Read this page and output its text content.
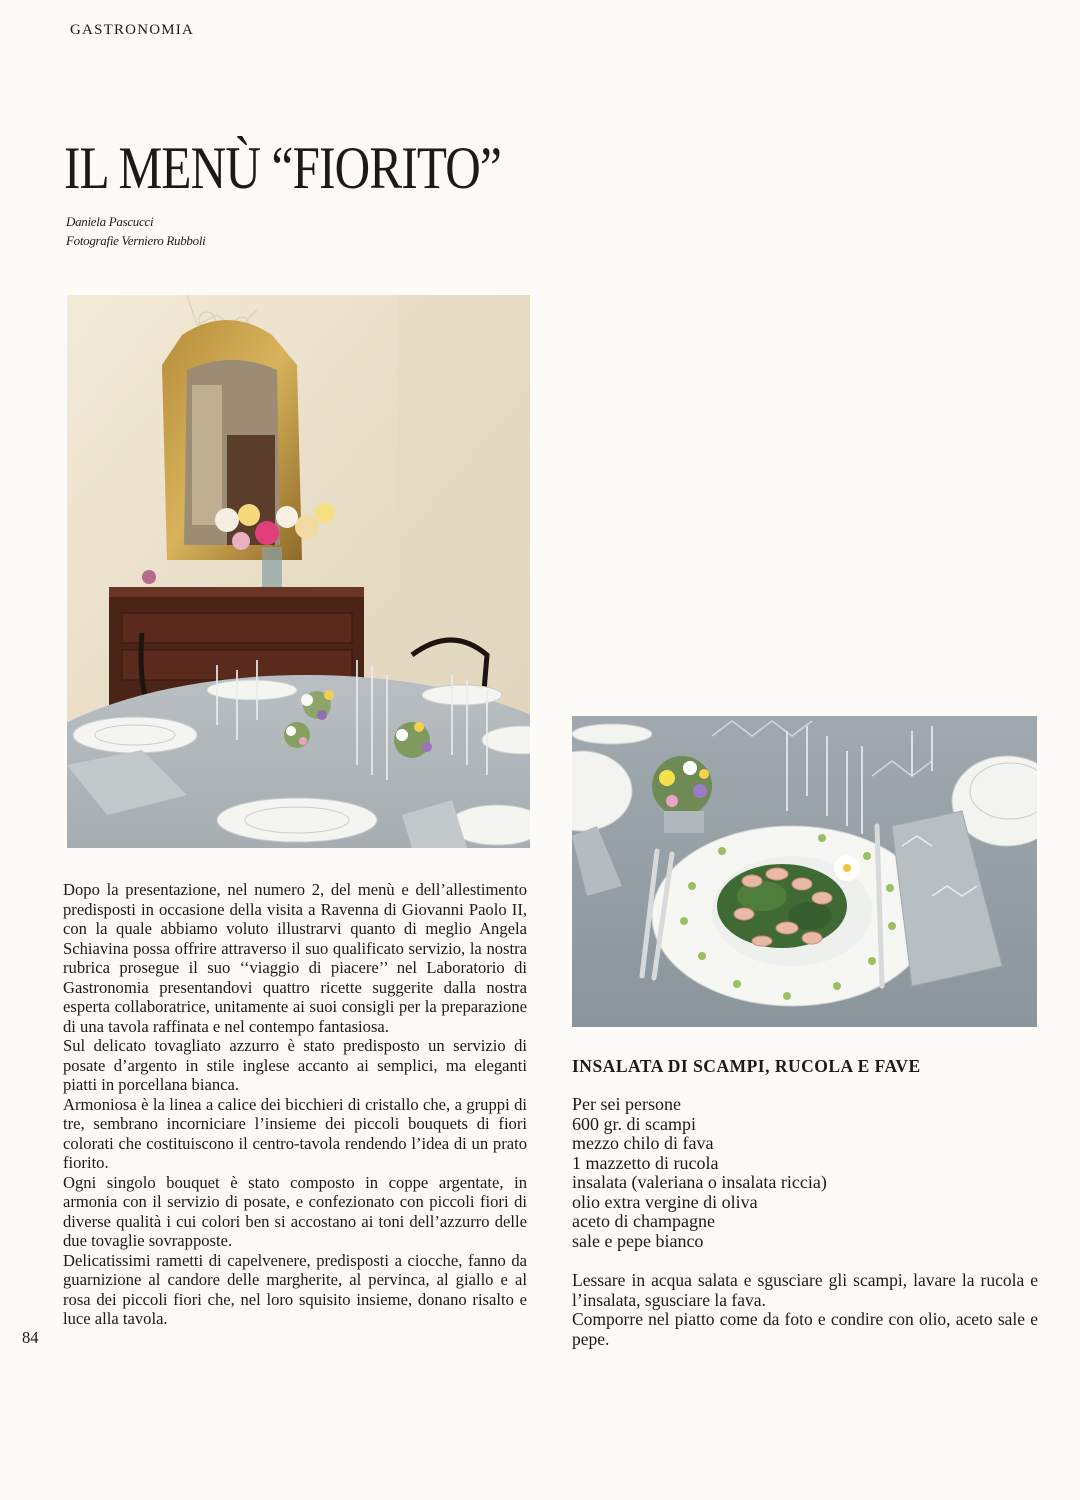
GASTRONOMIA
IL MENÙ “FIORITO”
Daniela Pascucci
Fotografie Verniero Rubboli

Dopo la presentazione, nel numero 2, del menù e dell’allestimento predisposti in occasione della visita a Ravenna di Giovanni Paolo II, con la quale abbiamo voluto illustrarvi quanto di meglio Angela Schiavina possa offrire attraverso il suo qualificato servizio, la nostra rubrica prosegue il suo ‘‘viaggio di piacere’’ nel Laboratorio di Gastronomia presentandovi quattro ricette suggerite dalla nostra esperta collaboratrice, unitamente ai suoi consigli per la preparazione di una tavola raffinata e nel contempo fantasiosa.

Sul delicato tovagliato azzurro è stato predisposto un servizio di posate d’argento in stile inglese accanto ai semplici, ma eleganti piatti in porcellana bianca.

Armoniosa è la linea a calice dei bicchieri di cristallo che, a gruppi di tre, sembrano incorniciare l’insieme dei piccoli bouquets di fiori colorati che costituiscono il centro-tavola rendendo l’idea di un prato fiorito.

Ogni singolo bouquet è stato composto in coppe argentate, in armonia con il servizio di posate, e confezionato con piccoli fiori di diverse qualità i cui colori ben si accostano ai toni dell’azzurro delle due tovaglie sovrapposte.

Delicatissimi rametti di capelvenere, predisposti a ciocche, fanno da guarnizione al candore delle margherite, al pervinca, al giallo e al rosa dei piccoli fiori che, nel loro squisito insieme, donano risalto e luce alla tavola.

84
INSALATA DI SCAMPI, RUCOLA E FAVE
Per sei persone
600 gr. di scampi
mezzo chilo di fava
1 mazzetto di rucola
insalata (valeriana o insalata riccia)
olio extra vergine di oliva
aceto di champagne
sale e pepe bianco

Lessare in acqua salata e sgusciare gli scampi, lavare la rucola e l’insalata, sgusciare la fava.

Comporre nel piatto come da foto e condire con olio, aceto sale e pepe.
